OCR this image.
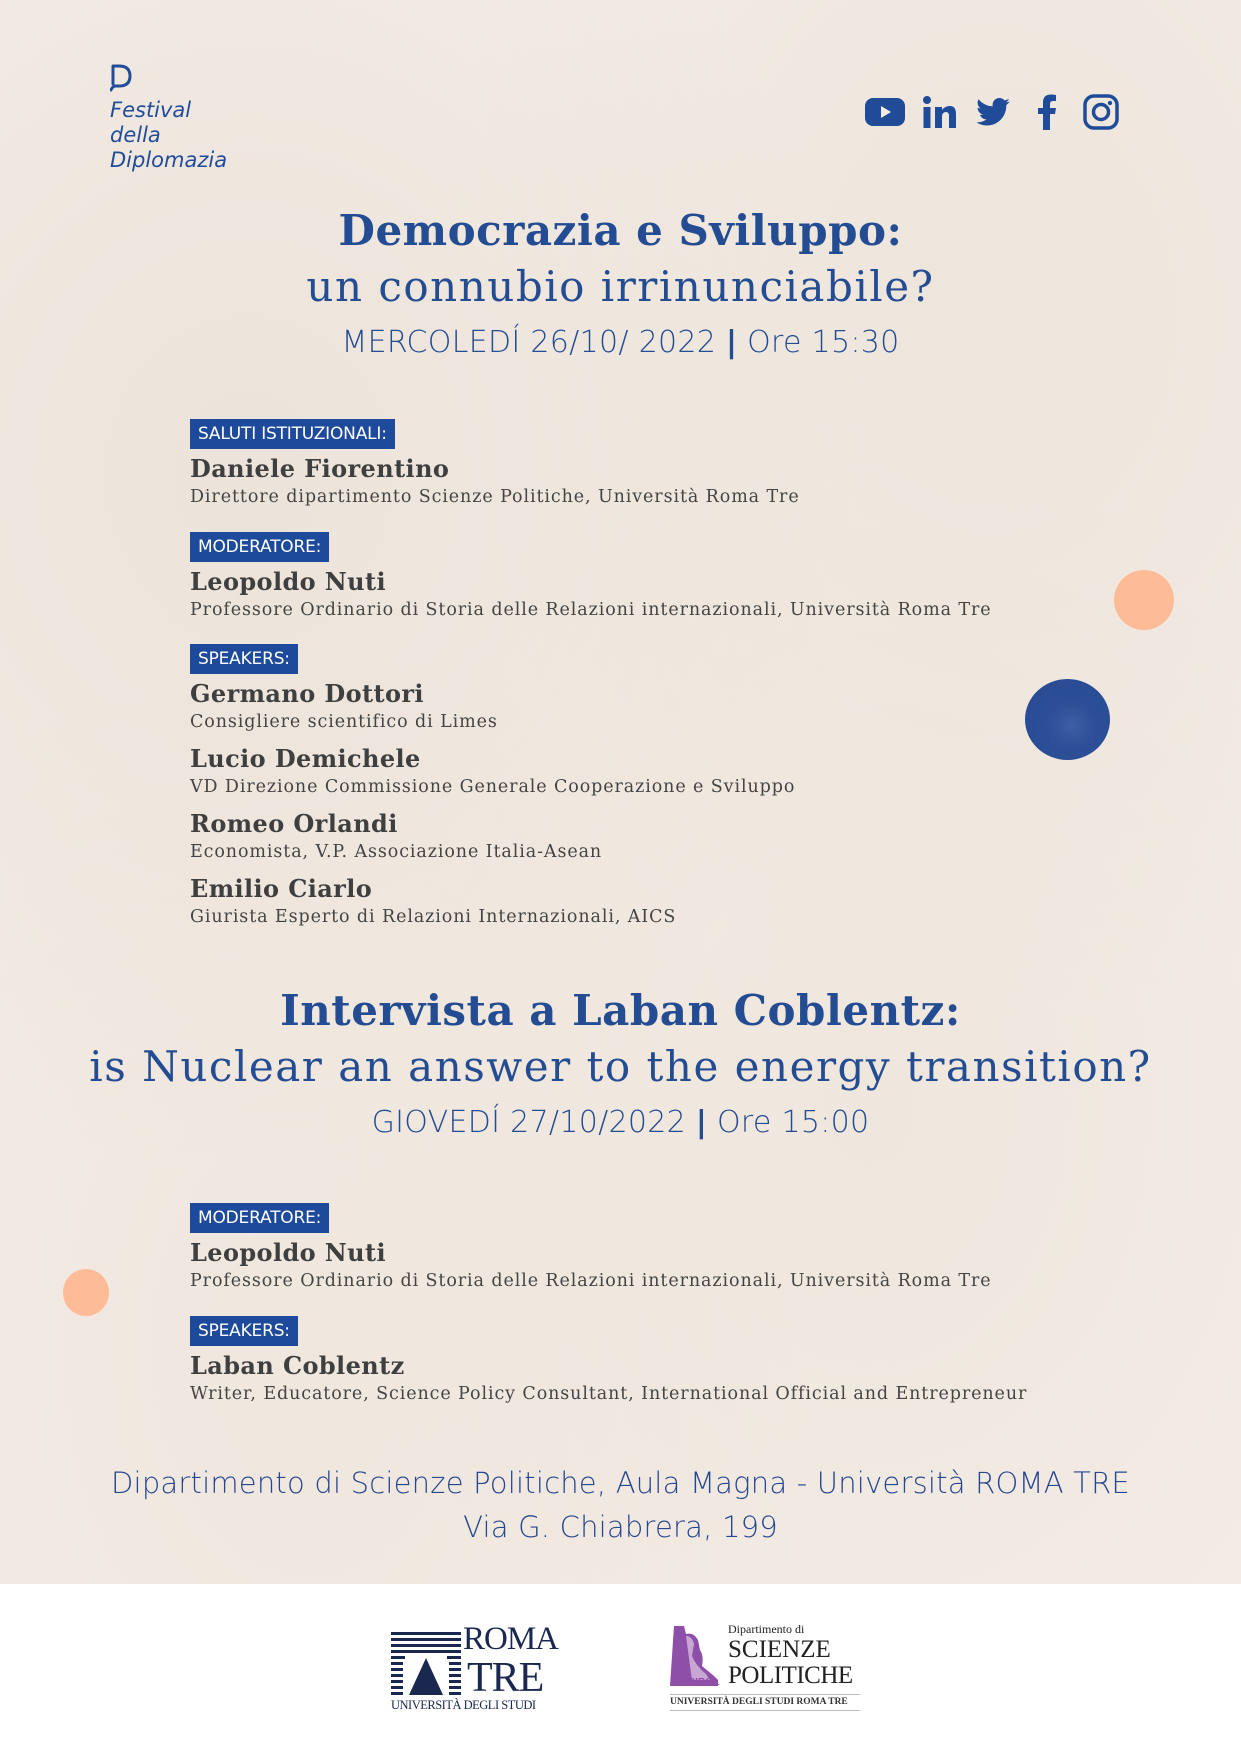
Festival
della
Diplomazia
Democrazia e Sviluppo:
un connubio irrinunciabile?
MERCOLEDÍ 26/10/ 2022 | Ore 15:30
SALUTI ISTITUZIONALI:
Daniele Fiorentino
Direttore dipartimento Scienze Politiche, Università Roma Tre
MODERATORE:
Leopoldo Nuti
Professore Ordinario di Storia delle Relazioni internazionali, Università Roma Tre
SPEAKERS:
Germano Dottori
Consigliere scientifico di Limes
Lucio Demichele
VD Direzione Commissione Generale Cooperazione e Sviluppo
Romeo Orlandi
Economista, V.P. Associazione Italia-Asean
Emilio Ciarlo
Giurista Esperto di Relazioni Internazionali, AICS
Intervista a Laban Coblentz:
is Nuclear an answer to the energy transition?
GIOVEDÍ 27/10/2022 | Ore 15:00
MODERATORE:
Leopoldo Nuti
Professore Ordinario di Storia delle Relazioni internazionali, Università Roma Tre
SPEAKERS:
Laban Coblentz
Writer, Educatore, Science Policy Consultant, International Official and Entrepreneur
Dipartimento di Scienze Politiche, Aula Magna - Università ROMA TRE
Via G. Chiabrera, 199
ROMA
TRE
UNIVERSITÀ DEGLI STUDI
DISCIPOL
Dipartimento di
SCIENZE
POLITICHE
UNIVERSITÀ DEGLI STUDI ROMA TRE
